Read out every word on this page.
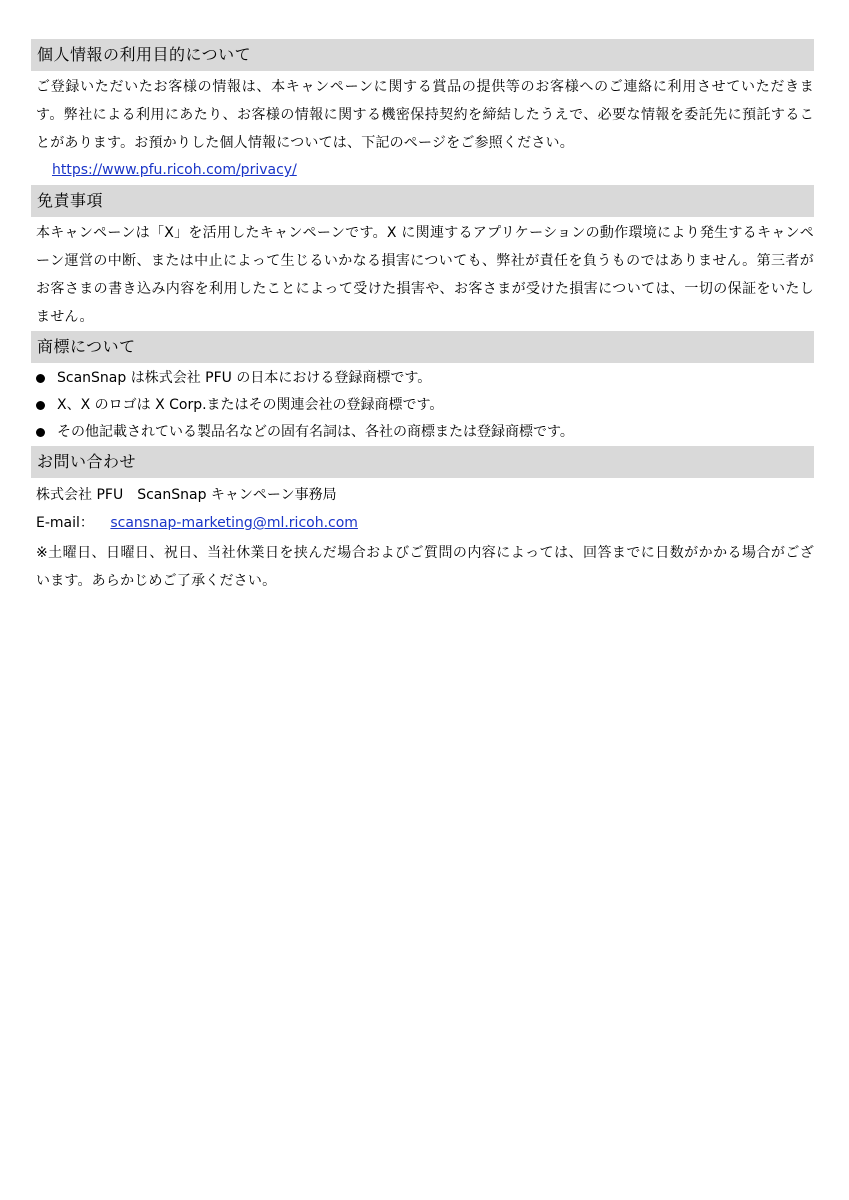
個人情報の利用目的について

ご登録いただいたお客様の情報は、本キャンペーンに関する賞品の提供等のお客様へのご連絡に利用させていただきます。弊社による利用にあたり、お客様の情報に関する機密保持契約を締結したうえで、必要な情報を委託先に預託することがあります。お預かりした個人情報については、下記のページをご参照ください。

https://www.pfu.ricoh.com/privacy/
免責事項

本キャンペーンは「X」を活用したキャンペーンです。X に関連するアプリケーションの動作環境により発生するキャンペーン運営の中断、または中止によって生じるいかなる損害についても、弊社が責任を負うものではありません。第三者がお客さまの書き込み内容を利用したことによって受けた損害や、お客さまが受けた損害については、一切の保証をいたしません。

商標について
ScanSnap は株式会社 PFU の日本における登録商標です。
X、X のロゴは X Corp.またはその関連会社の登録商標です。
その他記載されている製品名などの固有名詞は、各社の商標または登録商標です。
お問い合わせ
株式会社 PFU　ScanSnap キャンペーン事務局
E-mail： scansnap-marketing@ml.ricoh.com

※土曜日、日曜日、祝日、当社休業日を挟んだ場合およびご質問の内容によっては、回答までに日数がかかる場合がございます。あらかじめご了承ください。
